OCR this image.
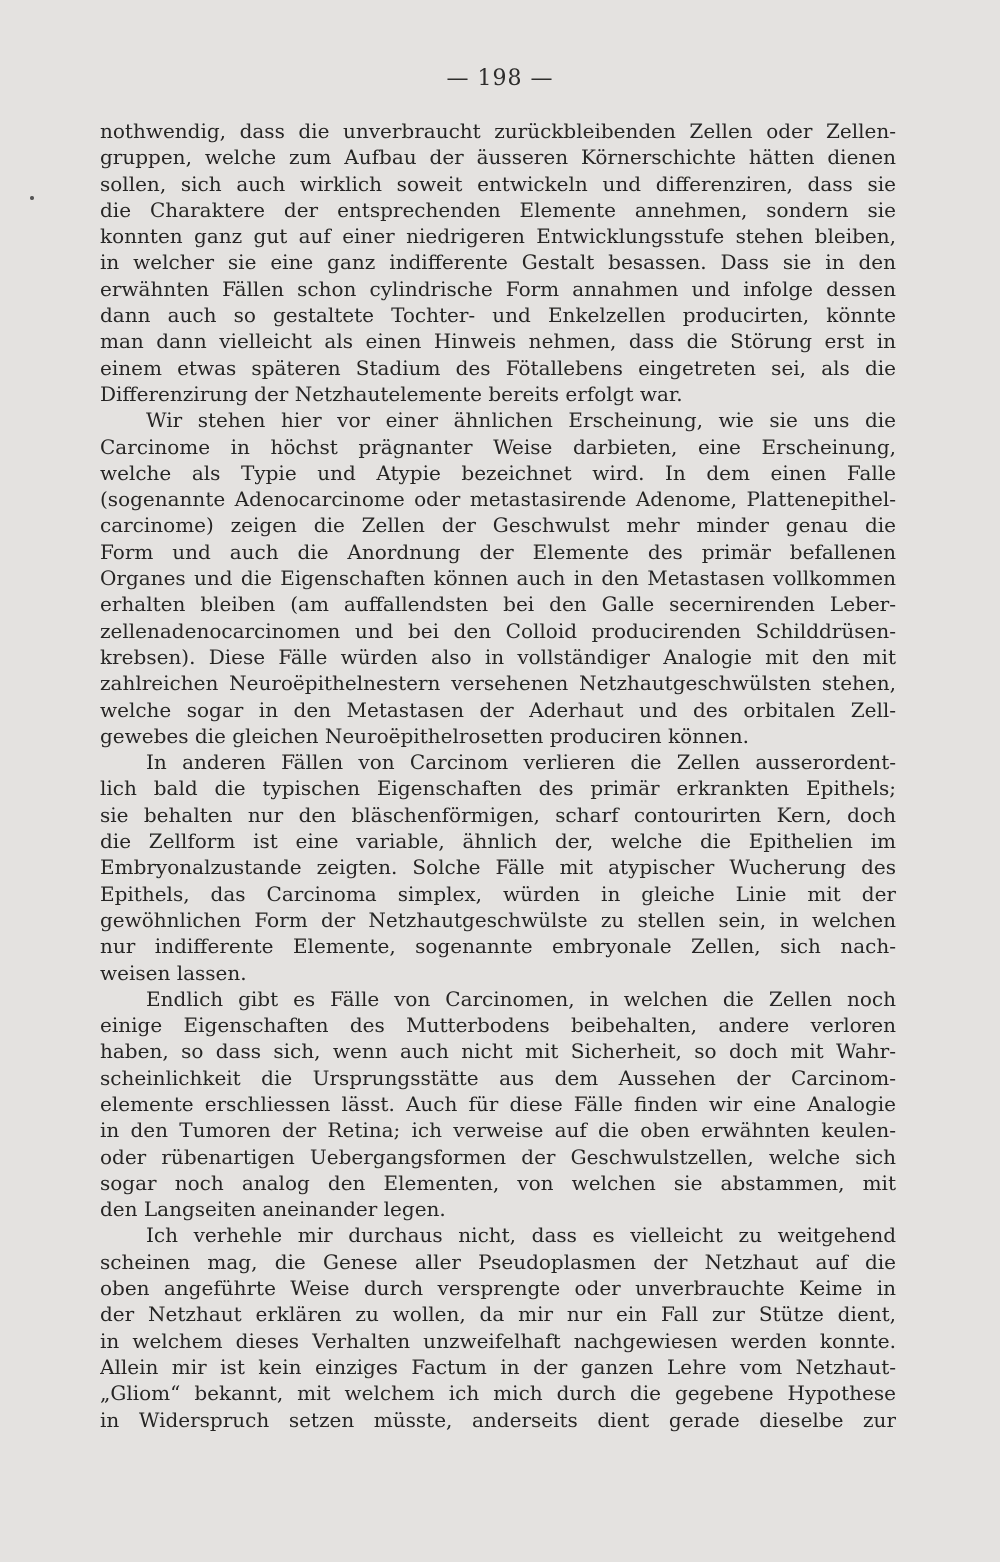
— 198 —
nothwendig, dass die unverbraucht zurückbleibenden Zellen oder Zellen-
gruppen, welche zum Aufbau der äusseren Körnerschichte hätten dienen
sollen, sich auch wirklich soweit entwickeln und differenziren, dass sie
die Charaktere der entsprechenden Elemente annehmen, sondern sie
konnten ganz gut auf einer niedrigeren Entwicklungsstufe stehen bleiben,
in welcher sie eine ganz indifferente Gestalt besassen. Dass sie in den
erwähnten Fällen schon cylindrische Form annahmen und infolge dessen
dann auch so gestaltete Tochter- und Enkelzellen producirten, könnte
man dann vielleicht als einen Hinweis nehmen, dass die Störung erst in
einem etwas späteren Stadium des Fötallebens eingetreten sei, als die
Differenzirung der Netzhautelemente bereits erfolgt war.
Wir stehen hier vor einer ähnlichen Erscheinung, wie sie uns die
Carcinome in höchst prägnanter Weise darbieten, eine Erscheinung,
welche als Typie und Atypie bezeichnet wird. In dem einen Falle
(sogenannte Adenocarcinome oder metastasirende Adenome, Plattenepithel-
carcinome) zeigen die Zellen der Geschwulst mehr minder genau die
Form und auch die Anordnung der Elemente des primär befallenen
Organes und die Eigenschaften können auch in den Metastasen vollkommen
erhalten bleiben (am auffallendsten bei den Galle secernirenden Leber-
zellenadenocarcinomen und bei den Colloid producirenden Schilddrüsen-
krebsen). Diese Fälle würden also in vollständiger Analogie mit den mit
zahlreichen Neuroëpithelnestern versehenen Netzhautgeschwülsten stehen,
welche sogar in den Metastasen der Aderhaut und des orbitalen Zell-
gewebes die gleichen Neuroëpithelrosetten produciren können.
In anderen Fällen von Carcinom verlieren die Zellen ausserordent-
lich bald die typischen Eigenschaften des primär erkrankten Epithels;
sie behalten nur den bläschenförmigen, scharf contourirten Kern, doch
die Zellform ist eine variable, ähnlich der, welche die Epithelien im
Embryonalzustande zeigten. Solche Fälle mit atypischer Wucherung des
Epithels, das Carcinoma simplex, würden in gleiche Linie mit der
gewöhnlichen Form der Netzhautgeschwülste zu stellen sein, in welchen
nur indifferente Elemente, sogenannte embryonale Zellen, sich nach-
weisen lassen.
Endlich gibt es Fälle von Carcinomen, in welchen die Zellen noch
einige Eigenschaften des Mutterbodens beibehalten, andere verloren
haben, so dass sich, wenn auch nicht mit Sicherheit, so doch mit Wahr-
scheinlichkeit die Ursprungsstätte aus dem Aussehen der Carcinom-
elemente erschliessen lässt. Auch für diese Fälle finden wir eine Analogie
in den Tumoren der Retina; ich verweise auf die oben erwähnten keulen-
oder rübenartigen Uebergangsformen der Geschwulstzellen, welche sich
sogar noch analog den Elementen, von welchen sie abstammen, mit
den Langseiten aneinander legen.
Ich verhehle mir durchaus nicht, dass es vielleicht zu weitgehend
scheinen mag, die Genese aller Pseudoplasmen der Netzhaut auf die
oben angeführte Weise durch versprengte oder unverbrauchte Keime in
der Netzhaut erklären zu wollen, da mir nur ein Fall zur Stütze dient,
in welchem dieses Verhalten unzweifelhaft nachgewiesen werden konnte.
Allein mir ist kein einziges Factum in der ganzen Lehre vom Netzhaut-
„Gliom“ bekannt, mit welchem ich mich durch die gegebene Hypothese
in Widerspruch setzen müsste, anderseits dient gerade dieselbe zur
